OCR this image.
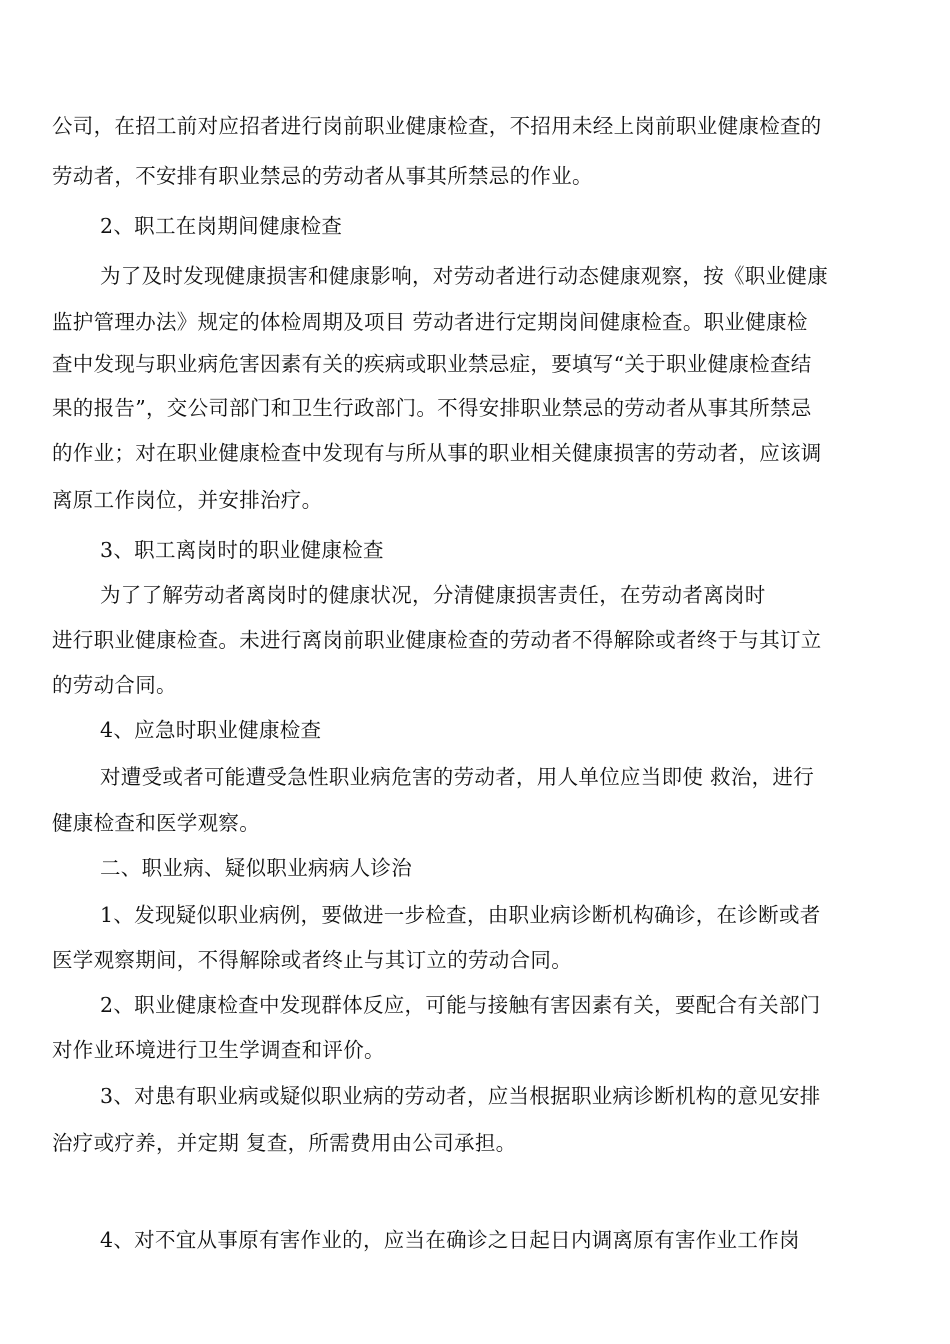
公司，在招工前对应招者进行岗前职业健康检查，不招用未经上岗前职业健康检查的
劳动者，不安排有职业禁忌的劳动者从事其所禁忌的作业。
2、职工在岗期间健康检查
为了及时发现健康损害和健康影响，对劳动者进行动态健康观察，按《职业健康
监护管理办法》规定的体检周期及项目 劳动者进行定期岗间健康检查。职业健康检
查中发现与职业病危害因素有关的疾病或职业禁忌症，要填写“关于职业健康检查结
果的报告”，交公司部门和卫生行政部门。不得安排职业禁忌的劳动者从事其所禁忌
的作业；对在职业健康检查中发现有与所从事的职业相关健康损害的劳动者，应该调
离原工作岗位，并安排治疗。
3、职工离岗时的职业健康检查
为了了解劳动者离岗时的健康状况，分清健康损害责任，在劳动者离岗时
进行职业健康检查。未进行离岗前职业健康检查的劳动者不得解除或者终于与其订立
的劳动合同。
4、应急时职业健康检查
对遭受或者可能遭受急性职业病危害的劳动者，用人单位应当即使 救治，进行
健康检查和医学观察。
二、职业病、疑似职业病病人诊治
1、发现疑似职业病例，要做进一步检查，由职业病诊断机构确诊，在诊断或者
医学观察期间，不得解除或者终止与其订立的劳动合同。
2、职业健康检查中发现群体反应，可能与接触有害因素有关，要配合有关部门
对作业环境进行卫生学调查和评价。
3、对患有职业病或疑似职业病的劳动者，应当根据职业病诊断机构的意见安排
治疗或疗养，并定期 复查，所需费用由公司承担。
4、对不宜从事原有害作业的，应当在确诊之日起日内调离原有害作业工作岗
